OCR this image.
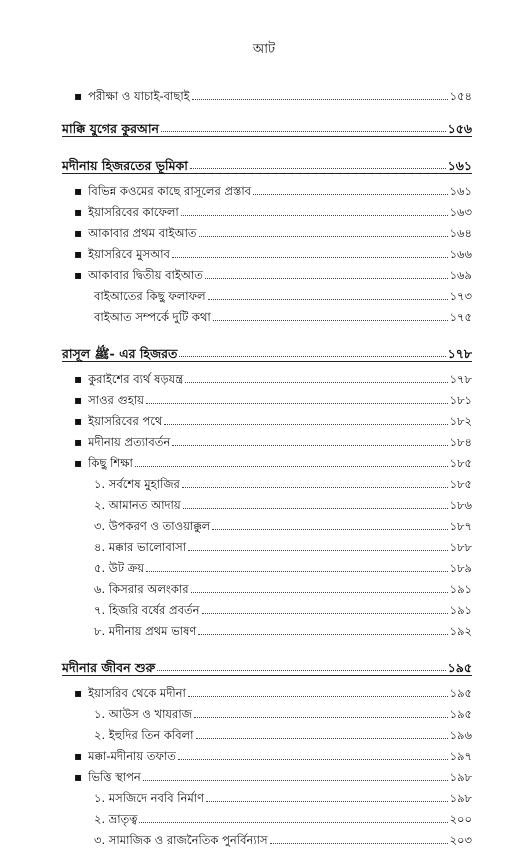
আট
▪ পরীক্ষা ও যাচাই-বাছাই	১৫৪
মাক্কি যুগের কুরআন	১৫৬
মদীনায় হিজরতের ভূমিকা	১৬১
▪ বিভিন্ন কওমের কাছে রাসূলের প্রস্তাব	১৬১
▪ ইয়াসরিবের কাফেলা	১৬৩
▪ আকাবার প্রথম বাইআত	১৬৪
▪ ইয়াসরিবে মুসআব	১৬৬
▪ আকাবার দ্বিতীয় বাইআত	১৬৯
বাইআতের কিছু ফলাফল	১৭৩
বাইআত সম্পর্কে দুটি কথা	১৭৫
রাসূল ﷺ- এর হিজরত	১৭৮
▪ কুরাইশের ব্যর্থ ষড়যন্ত্র	১৭৮
▪ সাওর গুহায়	১৮১
▪ ইয়াসরিবের পথে	১৮২
▪ মদীনায় প্রত্যাবর্তন	১৮৪
▪ কিছু শিক্ষা	১৮৫
১. সর্বশেষ মুহাজির	১৮৫
২. আমানত আদায়	১৮৬
৩. উপকরণ ও তাওয়াক্কুল	১৮৭
৪. মক্কার ভালোবাসা	১৮৮
৫. উট ক্রয়	১৮৯
৬. কিসরার অলংকার	১৯১
৭. হিজরি বর্ষের প্রবর্তন	১৯১
৮. মদীনায় প্রথম ভাষণ	১৯২
মদীনার জীবন শুরু	১৯৫
▪ ইয়াসরিব থেকে মদীনা	১৯৫
১. আউস ও খাযরাজ	১৯৫
২. ইহুদির তিন কবিলা	১৯৬
▪ মক্কা-মদীনায় তফাত	১৯৭
▪ ভিত্তি স্থাপন	১৯৮
১. মসজিদে নববি নির্মাণ	১৯৮
২. ভ্রাতৃত্ব	২০০
৩. সামাজিক ও রাজনৈতিক পুনর্বিন্যাস	২০৩
